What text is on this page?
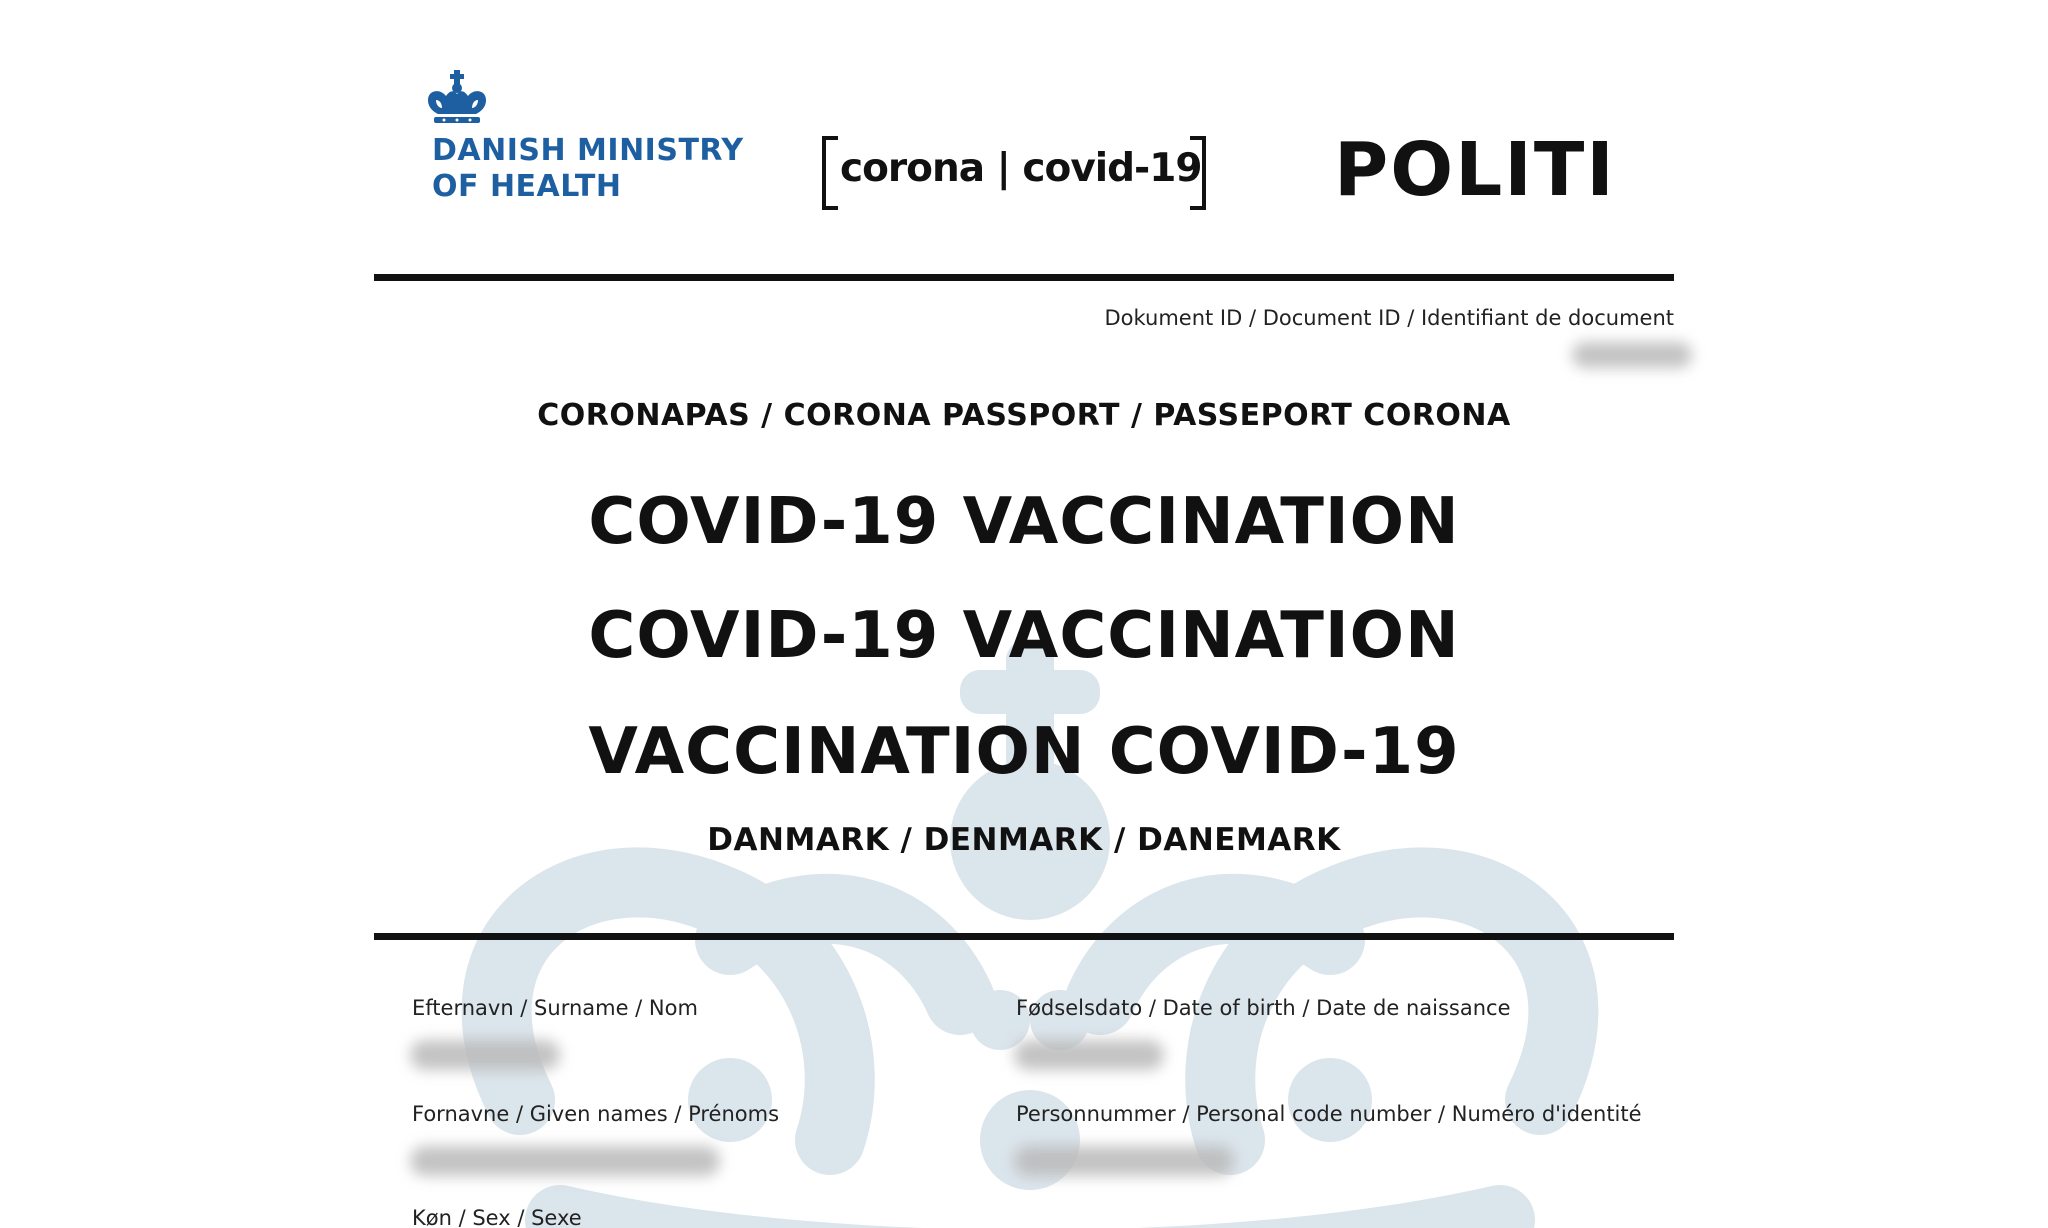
DANISH MINISTRY
OF HEALTH	corona | covid-19 POLITI
Dokument ID / Document ID / Identifiant de document
CORONAPAS / CORONA PASSPORT / PASSEPORT CORONA
COVID-19 VACCINATION
COVID-19 VACCINATION
VACCINATION COVID-19
DANMARK / DENMARK / DANEMARK
Efternavn / Surname / Nom	Fødselsdato / Date of birth / Date de naissance
Fornavne / Given names / Prénoms	Personnummer / Personal code number / Numéro d'identité
Køn / Sex / Sexe
